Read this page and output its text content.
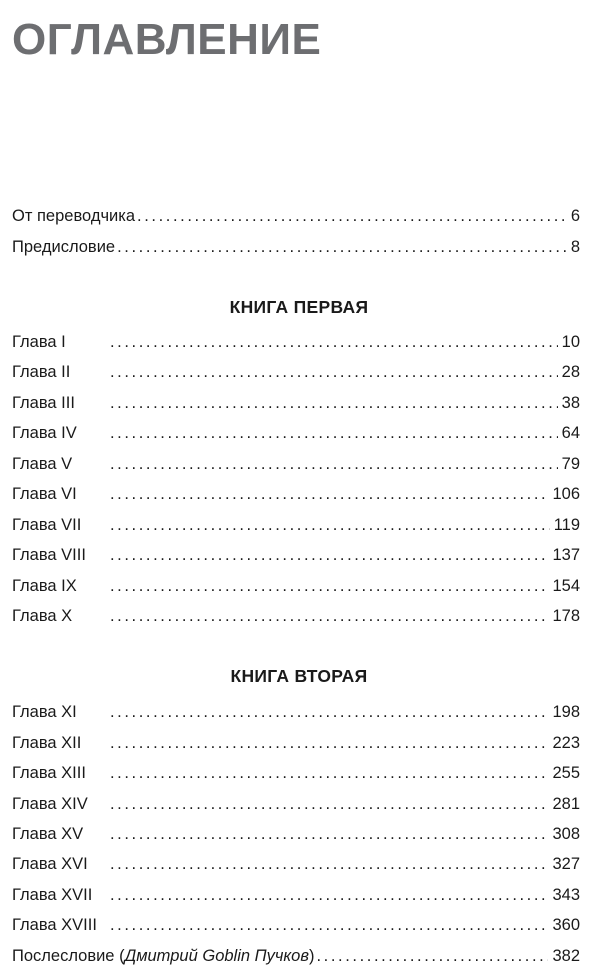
ОГЛАВЛЕНИЕ
От переводчика .....	6
Предисловие .....	8
КНИГА ПЕРВАЯ
Глава I .....	10
Глава II .....	28
Глава III .....	38
Глава IV .....	64
Глава V .....	79
Глава VI .....	106
Глава VII .....	119
Глава VIII .....	137
Глава IX .....	154
Глава X .....	178
КНИГА ВТОРАЯ
Глава XI .....	198
Глава XII .....	223
Глава XIII .....	255
Глава XIV .....	281
Глава XV .....	308
Глава XVI .....	327
Глава XVII .....	343
Глава XVIII .....	360
Послесловие (Дмитрий Goblin Пучков) .....	382
